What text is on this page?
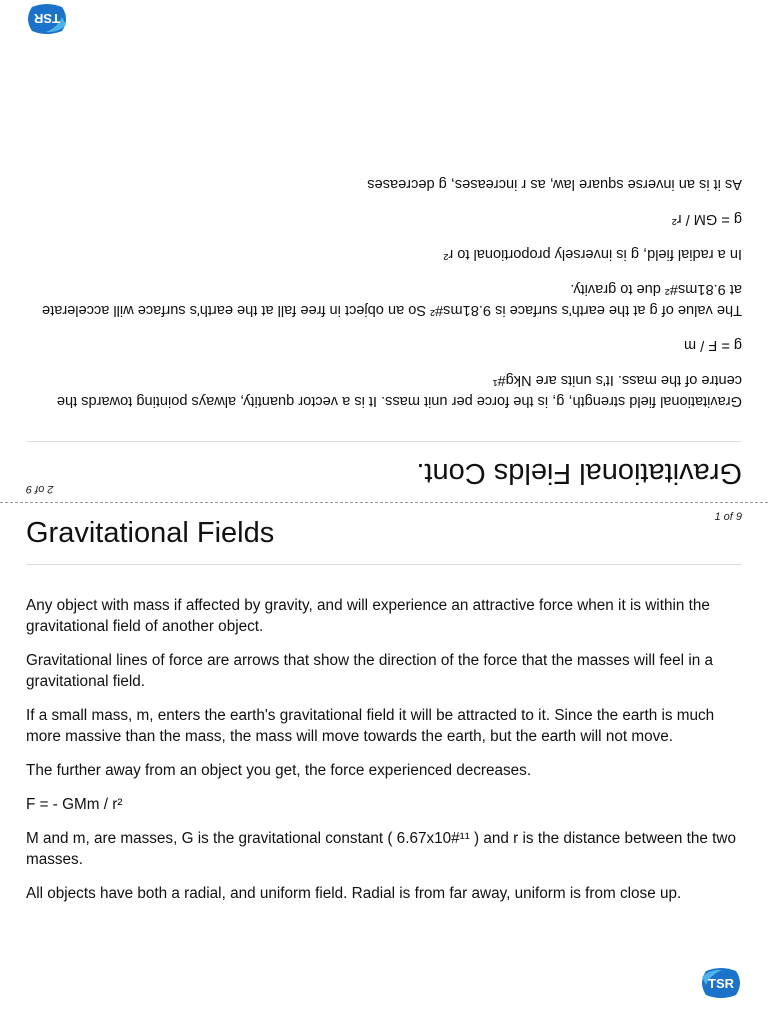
2 of 9	Gravitational Fields Cont.

Gravitational field strength, g, is the force per unit mass. It is a vector quantity, always pointing towards the centre of the mass. It's units are Nkg#¹

g = F / m

The value of g at the earth's surface is 9.81ms#² So an object in free fall at the earth's surface will accelerate at 9.81ms#² due to gravity.

In a radial field, g is inversely proportional to r²

g = GM / r²

As it is an inverse square law, as r increases, g decreases

TSR
1 of 9
Gravitational Fields

Any object with mass if affected by gravity, and will experience an attractive force when it is within the gravitational field of another object.

Gravitational lines of force are arrows that show the direction of the force that the masses will feel in a gravitational field.

If a small mass, m, enters the earth's gravitational field it will be attracted to it. Since the earth is much more massive than the mass, the mass will move towards the earth, but the earth will not move.

The further away from an object you get, the force experienced decreases.

F = - GMm / r²

M and m, are masses, G is the gravitational constant ( 6.67x10#¹¹ ) and r is the distance between the two masses.

All objects have both a radial, and uniform field. Radial is from far away, uniform is from close up.

TSR
